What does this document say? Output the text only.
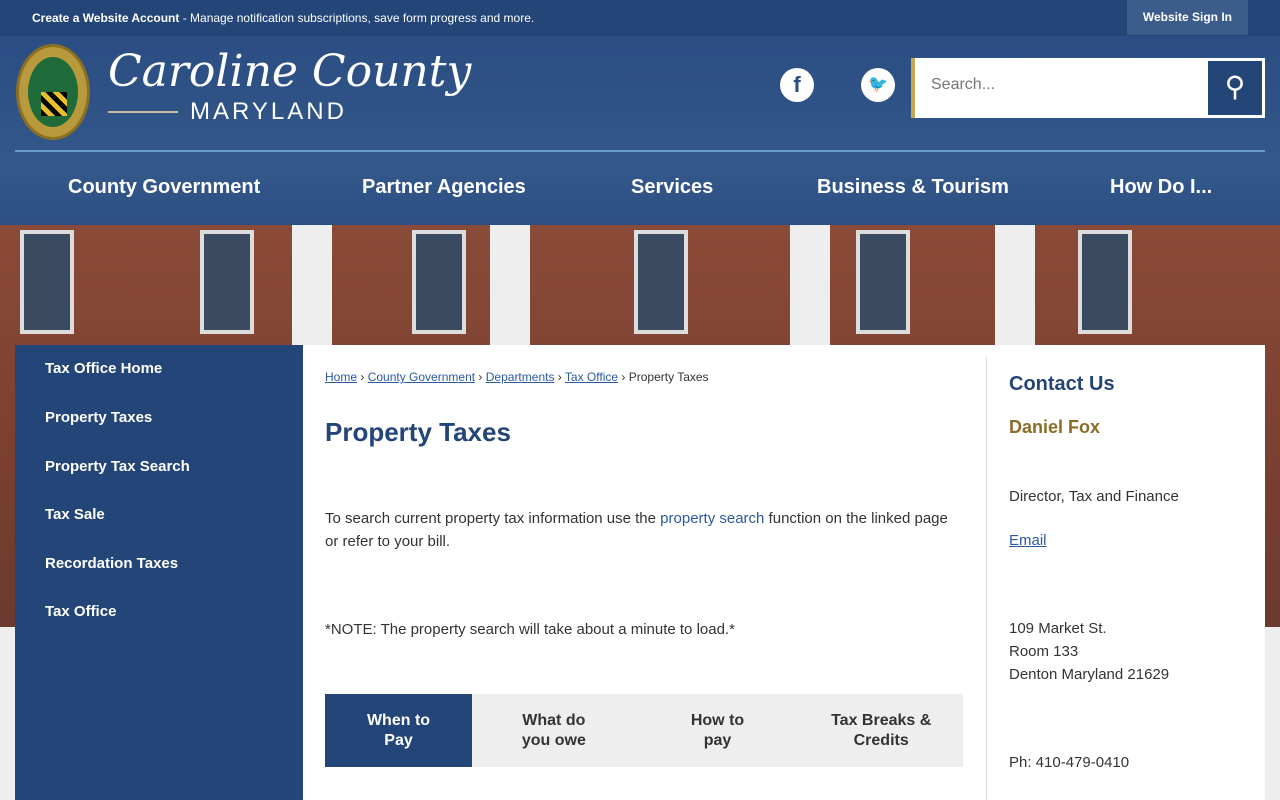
Create a Website Account - Manage notification subscriptions, save form progress and more.	Website Sign In
Caroline County
MARYLAND
f	🐦
Search...	⚲
County Government	Partner Agencies	Services	Business & Tourism	How Do I...
Tax Office Home
Property Taxes
Property Tax Search
Tax Sale
Recordation Taxes
Tax Office
Home › County Government › Departments › Tax Office › Property Taxes
Property Taxes
To search current property tax information use the property search function on the linked page or refer to your bill.
*NOTE: The property search will take about a minute to load.*
When to
Pay
What do
you owe
How to
pay
Tax Breaks &
Credits
Contact Us
Daniel Fox
Director, Tax and Finance
Email
109 Market St.
Room 133
Denton Maryland 21629
Ph: 410-479-0410
